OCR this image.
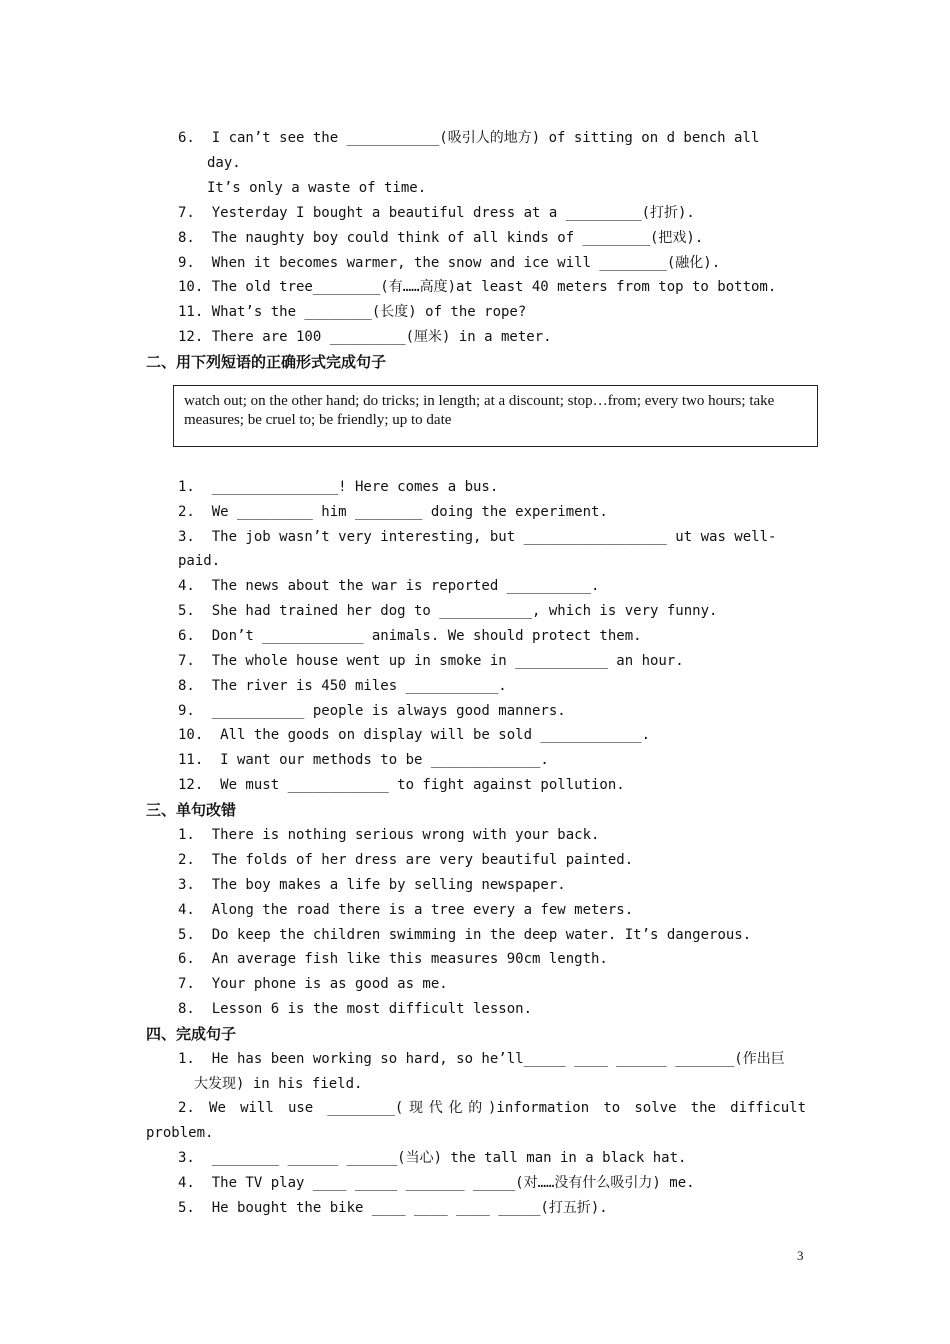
6.  I can’t see the ___________(吸引人的地方) of sitting on d bench all
day.
It’s only a waste of time.
7.  Yesterday I bought a beautiful dress at a _________(打折).
8.  The naughty boy could think of all kinds of ________(把戏).
9.  When it becomes warmer, the snow and ice will ________(融化).
10. The old tree________(有……高度)at least 40 meters from top to bottom.
11. What’s the ________(长度) of the rope?
12. There are 100 _________(厘米) in a meter.
二、用下列短语的正确形式完成句子
watch out; on the other hand; do tricks; in length; at a discount; stop…from; every two hours; take measures; be cruel to; be friendly; up to date
1.  _______________! Here comes a bus.
2.  We _________ him ________ doing the experiment.
3.  The job wasn’t very interesting, but _________________ ut was well-
paid.
4.  The news about the war is reported __________.
5.  She had trained her dog to ___________, which is very funny.
6.  Don’t ____________ animals. We should protect them.
7.  The whole house went up in smoke in ___________ an hour.
8.  The river is 450 miles ___________.
9.  ___________ people is always good manners.
10.  All the goods on display will be sold ____________.
11.  I want our methods to be _____________.
12.  We must ____________ to fight against pollution.
三、单句改错
1.  There is nothing serious wrong with your back.
2.  The folds of her dress are very beautiful painted.
3.  The boy makes a life by selling newspaper.
4.  Along the road there is a tree every a few meters.
5.  Do keep the children swimming in the deep water. It’s dangerous.
6.  An average fish like this measures 90cm length.
7.  Your phone is as good as me.
8.  Lesson 6 is the most difficult lesson.
四、完成句子
1.  He has been working so hard, so he’ll_____ ____ ______ _______(作出巨
大发现) in his field.
2. We will use ________(现代化的)information to solve the difficult problem.
3.  ________ ______ ______(当心) the tall man in a black hat.
4.  The TV play ____ _____ _______ _____(对……没有什么吸引力) me.
5.  He bought the bike ____ ____ ____ _____(打五折).
3
